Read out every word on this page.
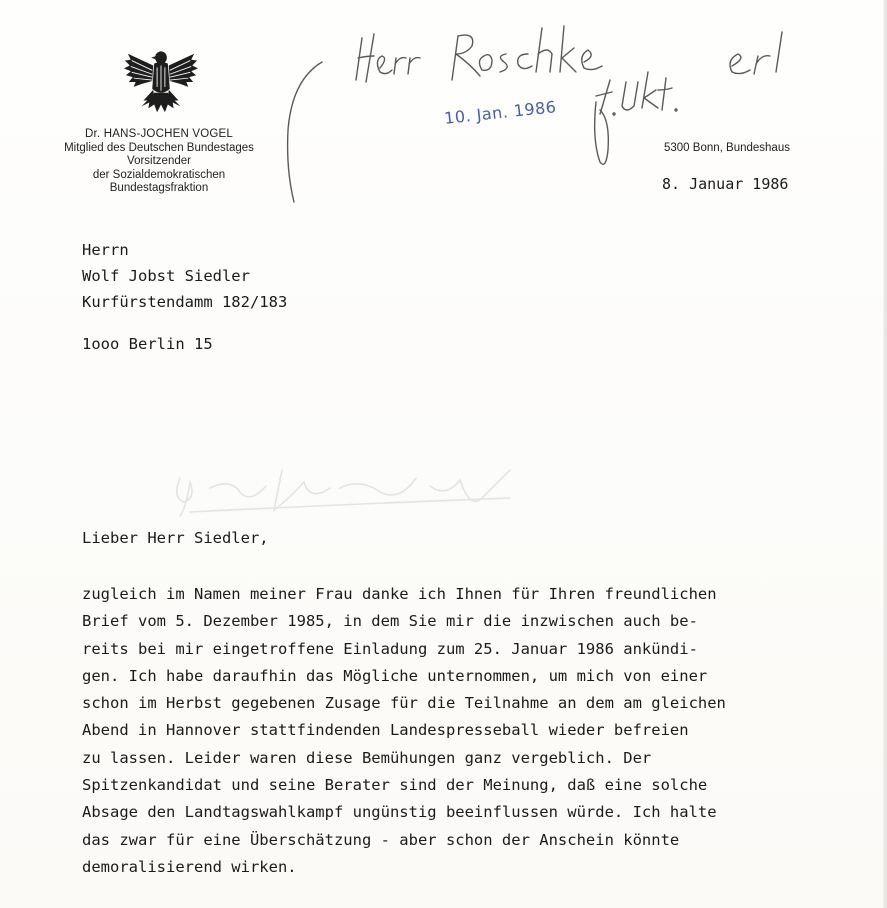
Dr. HANS-JOCHEN VOGEL
Mitglied des Deutschen Bundestages
Vorsitzender
der Sozialdemokratischen
Bundestagsfraktion
10. Jan. 1986
5300 Bonn, Bundeshaus
8. Januar 1986
Herrn
Wolf Jobst Siedler
Kurfürstendamm 182/183
1ooo Berlin 15
Lieber Herr Siedler,
zugleich im Namen meiner Frau danke ich Ihnen für Ihren freundlichen
Brief vom 5. Dezember 1985, in dem Sie mir die inzwischen auch be-
reits bei mir eingetroffene Einladung zum 25. Januar 1986 ankündi-
gen. Ich habe daraufhin das Mögliche unternommen, um mich von einer
schon im Herbst gegebenen Zusage für die Teilnahme an dem am gleichen
Abend in Hannover stattfindenden Landespresseball wieder befreien
zu lassen. Leider waren diese Bemühungen ganz vergeblich. Der
Spitzenkandidat und seine Berater sind der Meinung, daß eine solche
Absage den Landtagswahlkampf ungünstig beeinflussen würde. Ich halte
das zwar für eine Überschätzung - aber schon der Anschein könnte
demoralisierend wirken.
